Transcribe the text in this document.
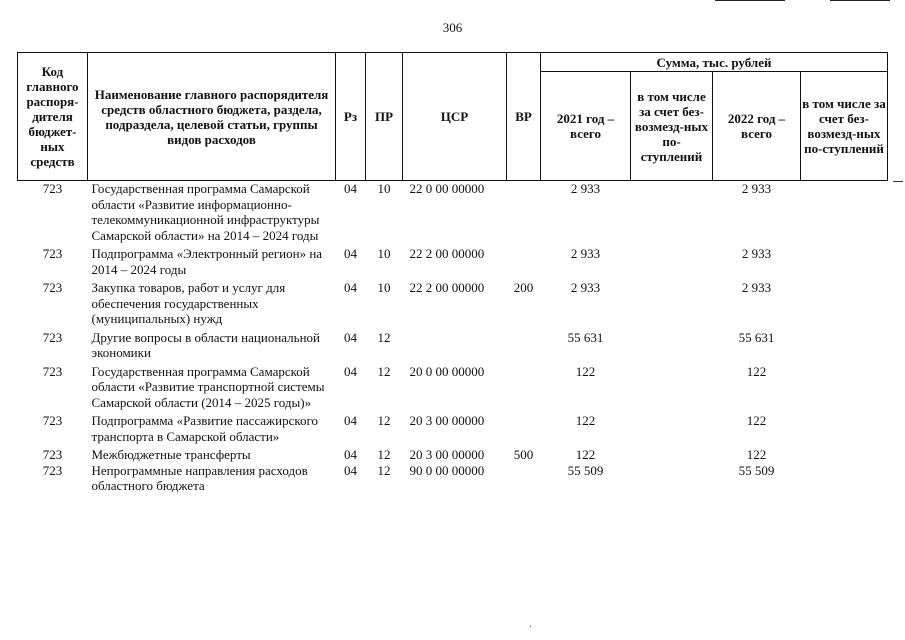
306
Код главного распоря-дителя бюджет-ных средств	Наименование главного распорядителя средств областного бюджета, раздела, подраздела, целевой статьи, группы видов расходов	Рз	ПР	ЦСР	ВР	Сумма, тыс. рублей			
						2021 год – всего	в том числе за счет без-возмезд-ных по-ступлений	2022 год – всего	в том числе за счет без-возмезд-ных по-ступлений
723	Государственная программа Самарской области «Развитие информационно-телекоммуникационной инфраструктуры Самарской области» на 2014 – 2024 годы	04	10	22 0 00 00000		2 933		2 933	
723	Подпрограмма «Электронный регион» на 2014 – 2024 годы	04	10	22 2 00 00000		2 933		2 933	
723	Закупка товаров, работ и услуг для обеспечения государственных (муниципальных) нужд	04	10	22 2 00 00000	200	2 933		2 933	
723	Другие вопросы в области национальной экономики	04	12			55 631		55 631	
723	Государственная программа Самарской области «Развитие транспортной системы Самарской области (2014 – 2025 годы)»	04	12	20 0 00 00000		122		122	
723	Подпрограмма «Развитие пассажирского транспорта в Самарской области»	04	12	20 3 00 00000		122		122	
723	Межбюджетные трансферты	04	12	20 3 00 00000	500	122		122	
723	Непрограммные направления расходов областного бюджета	04	12	90 0 00 00000		55 509		55 509	
·
